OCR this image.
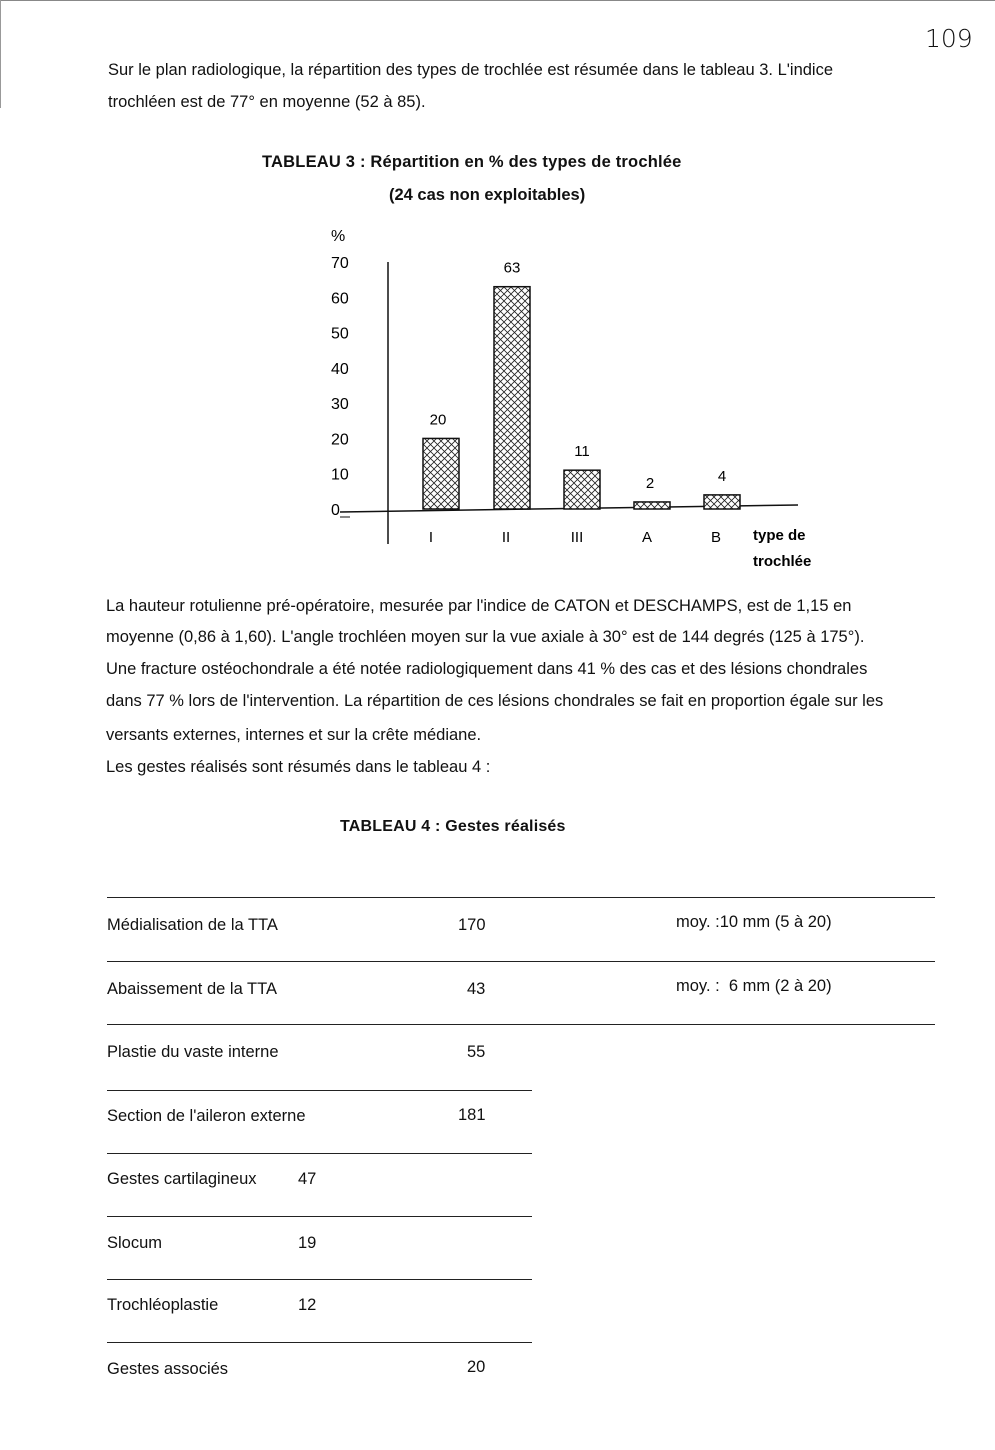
109
Sur le plan radiologique, la répartition des types de trochlée est résumée dans le tableau 3. L'indice
trochléen est de 77° en moyenne (52 à 85).
TABLEAU 3 : Répartition en % des types de trochlée
(24 cas non exploitables)
%
0
10
20
30
40
50
60
70
20
63
11
2	4
I	II	III	A	B type de
trochlée
La hauteur rotulienne pré-opératoire, mesurée par l'indice de CATON et DESCHAMPS, est de 1,15 en
moyenne (0,86 à 1,60). L'angle trochléen moyen sur la vue axiale à 30° est de 144 degrés (125 à 175°).
Une fracture ostéochondrale a été notée radiologiquement dans 41 % des cas et des lésions chondrales
dans 77 % lors de l'intervention. La répartition de ces lésions chondrales se fait en proportion égale sur les
versants externes, internes et sur la crête médiane.
Les gestes réalisés sont résumés dans le tableau 4 :
TABLEAU 4 : Gestes réalisés
Médialisation de la TTA	170	moy. :10 mm (5 à 20)
Abaissement de la TTA	43	moy. :  6 mm (2 à 20)
Plastie du vaste interne	55
Section de l'aileron externe	181
Gestes cartilagineux	47
Slocum	19
Trochléoplastie	12
Gestes associés	20
